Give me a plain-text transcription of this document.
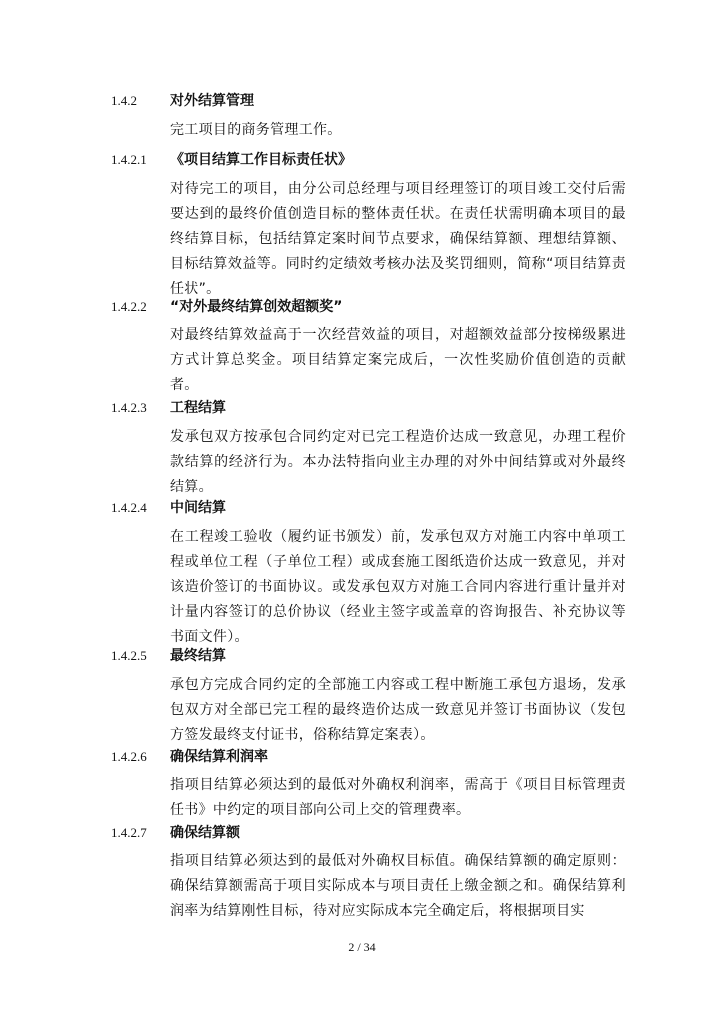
1.4.2 对外结算管理
完工项目的商务管理工作。
1.4.2.1 《项目结算工作目标责任状》
对待完工的项目，由分公司总经理与项目经理签订的项目竣工交付后需要达到的最终价值创造目标的整体责任状。在责任状需明确本项目的最终结算目标，包括结算定案时间节点要求，确保结算额、理想结算额、目标结算效益等。同时约定绩效考核办法及奖罚细则，简称“项目结算责任状”。
1.4.2.2 “对外最终结算创效超额奖”
对最终结算效益高于一次经营效益的项目，对超额效益部分按梯级累进方式计算总奖金。项目结算定案完成后，一次性奖励价值创造的贡献者。
1.4.2.3 工程结算
发承包双方按承包合同约定对已完工程造价达成一致意见，办理工程价款结算的经济行为。本办法特指向业主办理的对外中间结算或对外最终结算。
1.4.2.4 中间结算
在工程竣工验收（履约证书颁发）前，发承包双方对施工内容中单项工程或单位工程（子单位工程）或成套施工图纸造价达成一致意见，并对该造价签订的书面协议。或发承包双方对施工合同内容进行重计量并对计量内容签订的总价协议（经业主签字或盖章的咨询报告、补充协议等书面文件）。
1.4.2.5 最终结算
承包方完成合同约定的全部施工内容或工程中断施工承包方退场，发承包双方对全部已完工程的最终造价达成一致意见并签订书面协议（发包方签发最终支付证书，俗称结算定案表）。
1.4.2.6 确保结算利润率
指项目结算必须达到的最低对外确权利润率，需高于《项目目标管理责任书》中约定的项目部向公司上交的管理费率。
1.4.2.7 确保结算额
指项目结算必须达到的最低对外确权目标值。确保结算额的确定原则：确保结算额需高于项目实际成本与项目责任上缴金额之和。确保结算利润率为结算刚性目标，待对应实际成本完全确定后，将根据项目实
2 / 34
